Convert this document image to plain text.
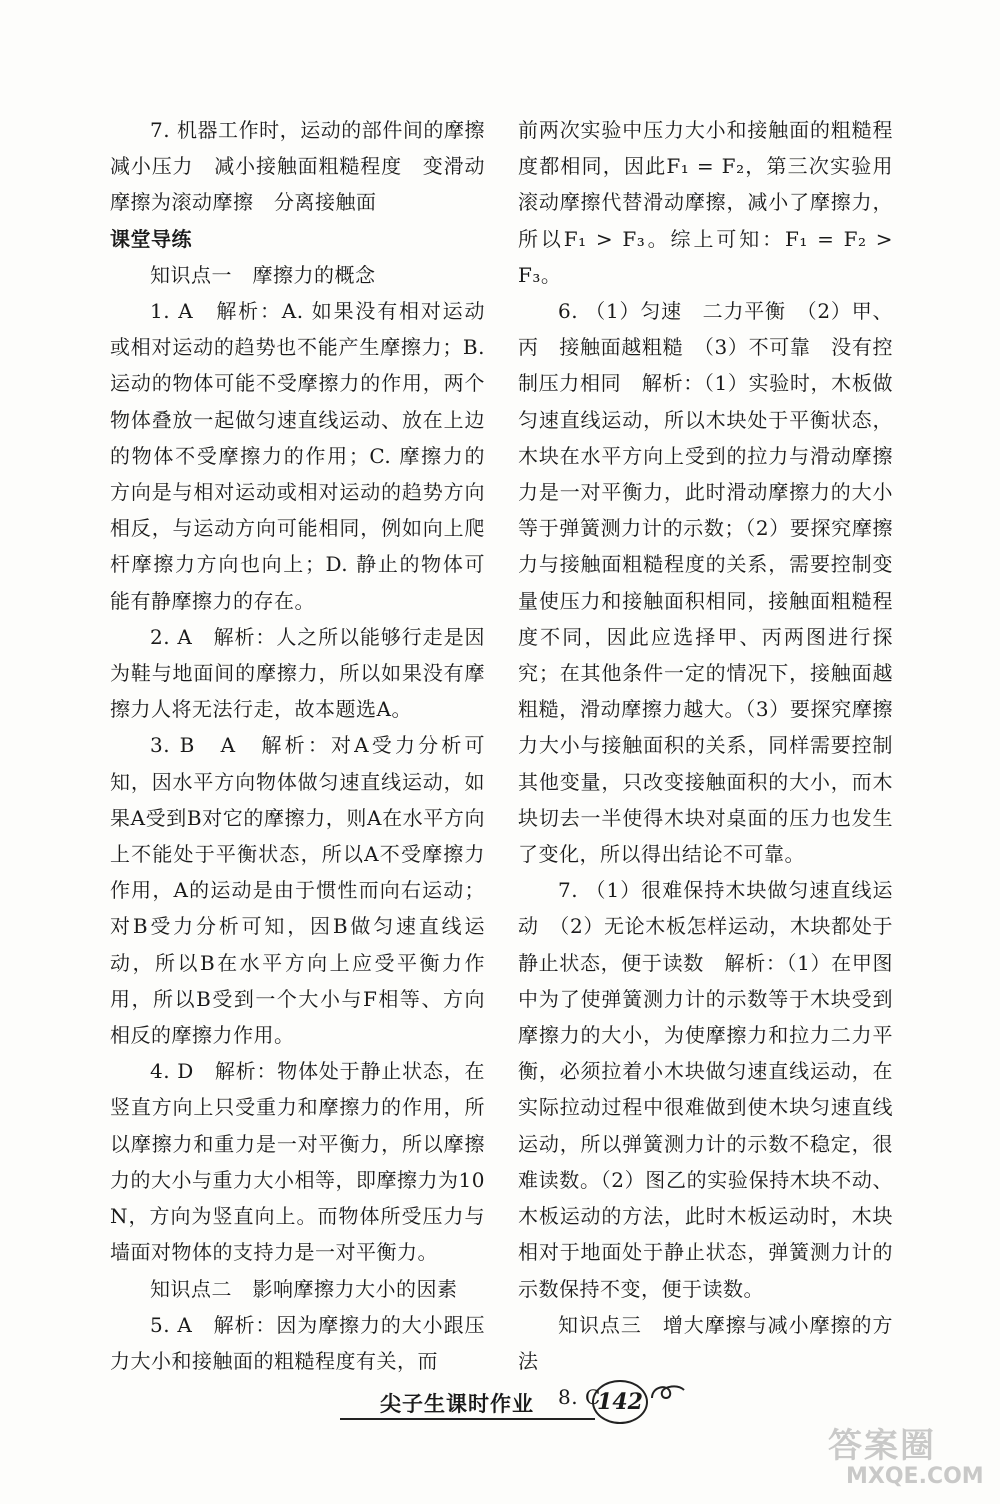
7. 机器工作时，运动的部件间的摩擦　减小压力　减小接触面粗糙程度　变滑动摩擦为滚动摩擦　分离接触面

课堂导练

知识点一　摩擦力的概念

1. A　解析：A. 如果没有相对运动或相对运动的趋势也不能产生摩擦力；B. 运动的物体可能不受摩擦力的作用，两个物体叠放一起做匀速直线运动、放在上边的物体不受摩擦力的作用；C. 摩擦力的方向是与相对运动或相对运动的趋势方向相反，与运动方向可能相同，例如向上爬杆摩擦力方向也向上；D. 静止的物体可能有静摩擦力的存在。

2. A　解析：人之所以能够行走是因为鞋与地面间的摩擦力，所以如果没有摩擦力人将无法行走，故本题选A。

3. B　A　解析：对A受力分析可知，因水平方向物体做匀速直线运动，如果A受到B对它的摩擦力，则A在水平方向上不能处于平衡状态，所以A不受摩擦力作用，A的运动是由于惯性而向右运动；对B受力分析可知，因B做匀速直线运动，所以B在水平方向上应受平衡力作用，所以B受到一个大小与F相等、方向相反的摩擦力作用。

4. D　解析：物体处于静止状态，在竖直方向上只受重力和摩擦力的作用，所以摩擦力和重力是一对平衡力，所以摩擦力的大小与重力大小相等，即摩擦力为10 N，方向为竖直向上。而物体所受压力与墙面对物体的支持力是一对平衡力。

知识点二　影响摩擦力大小的因素

5. A　解析：因为摩擦力的大小跟压力大小和接触面的粗糙程度有关，而

前两次实验中压力大小和接触面的粗糙程度都相同，因此F₁ = F₂，第三次实验用滚动摩擦代替滑动摩擦，减小了摩擦力，所以F₁ > F₃。综上可知：F₁ = F₂ > F₃。

6. （1）匀速　二力平衡　（2）甲、丙　接触面越粗糙　（3）不可靠　没有控制压力相同　解析：（1）实验时，木板做匀速直线运动，所以木块处于平衡状态，木块在水平方向上受到的拉力与滑动摩擦力是一对平衡力，此时滑动摩擦力的大小等于弹簧测力计的示数；（2）要探究摩擦力与接触面粗糙程度的关系，需要控制变量使压力和接触面积相同，接触面粗糙程度不同，因此应选择甲、丙两图进行探究；在其他条件一定的情况下，接触面越粗糙，滑动摩擦力越大。（3）要探究摩擦力大小与接触面积的关系，同样需要控制其他变量，只改变接触面积的大小，而木块切去一半使得木块对桌面的压力也发生了变化，所以得出结论不可靠。

7. （1）很难保持木块做匀速直线运动　（2）无论木板怎样运动，木块都处于静止状态，便于读数　解析：（1）在甲图中为了使弹簧测力计的示数等于木块受到摩擦力的大小，为使摩擦力和拉力二力平衡，必须拉着小木块做匀速直线运动，在实际拉动过程中很难做到使木块匀速直线运动，所以弹簧测力计的示数不稳定，很难读数。（2）图乙的实验保持木块不动、木板运动的方法，此时木板运动时，木块相对于地面处于静止状态，弹簧测力计的示数保持不变，便于读数。

知识点三　增大摩擦与减小摩擦的方法

8. C

尖子生课时作业	142
答案圈
MXQE.COM
